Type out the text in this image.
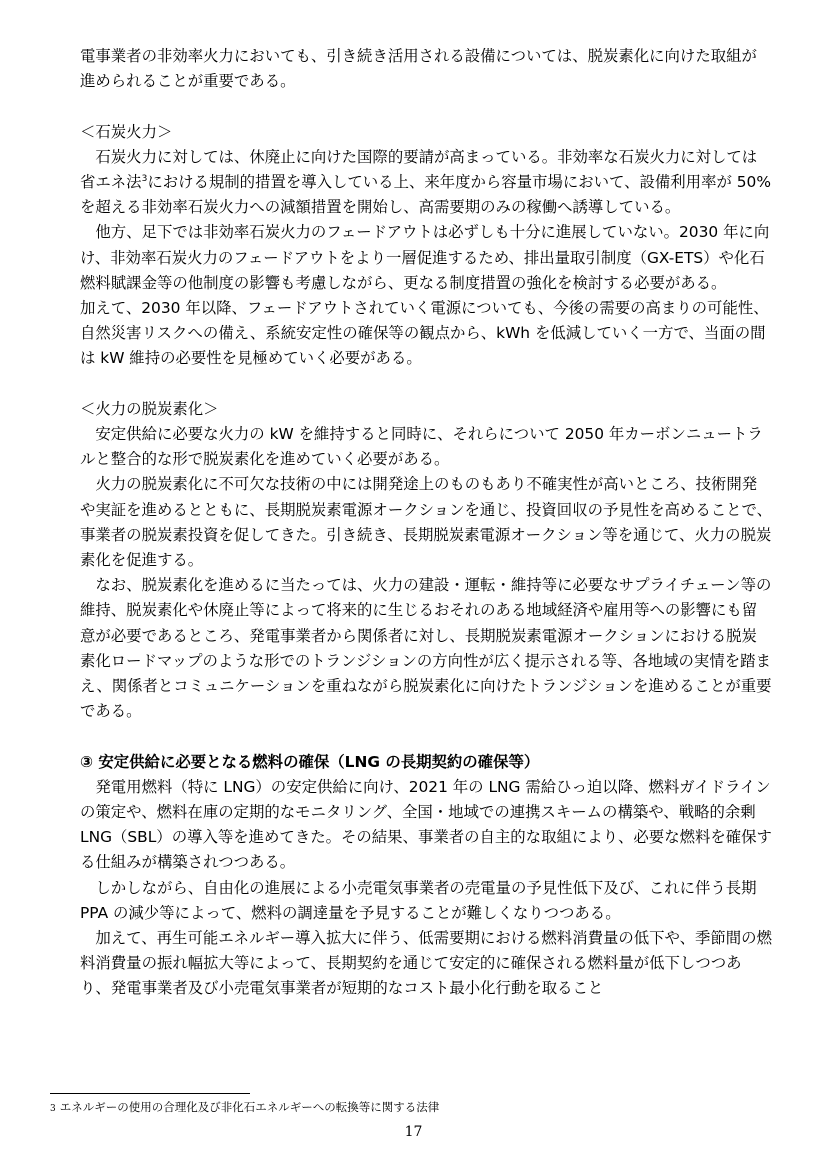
電事業者の非効率火力においても、引き続き活用される設備については、脱炭素化に向けた取組が進められることが重要である。

＜石炭火力＞

石炭火力に対しては、休廃止に向けた国際的要請が高まっている。非効率な石炭火力に対しては省エネ法$^3$における規制的措置を導入している上、来年度から容量市場において、設備利用率が 50%を超える非効率石炭火力への減額措置を開始し、高需要期のみの稼働へ誘導している。

他方、足下では非効率石炭火力のフェードアウトは必ずしも十分に進展していない。2030 年に向け、非効率石炭火力のフェードアウトをより一層促進するため、排出量取引制度（GX-ETS）や化石燃料賦課金等の他制度の影響も考慮しながら、更なる制度措置の強化を検討する必要がある。

加えて、2030 年以降、フェードアウトされていく電源についても、今後の需要の高まりの可能性、自然災害リスクへの備え、系統安定性の確保等の観点から、kWh を低減していく一方で、当面の間は kW 維持の必要性を見極めていく必要がある。

＜火力の脱炭素化＞

安定供給に必要な火力の kW を維持すると同時に、それらについて 2050 年カーボンニュートラルと整合的な形で脱炭素化を進めていく必要がある。

火力の脱炭素化に不可欠な技術の中には開発途上のものもあり不確実性が高いところ、技術開発や実証を進めるとともに、長期脱炭素電源オークションを通じ、投資回収の予見性を高めることで、事業者の脱炭素投資を促してきた。引き続き、長期脱炭素電源オークション等を通じて、火力の脱炭素化を促進する。

なお、脱炭素化を進めるに当たっては、火力の建設・運転・維持等に必要なサプライチェーン等の維持、脱炭素化や休廃止等によって将来的に生じるおそれのある地域経済や雇用等への影響にも留意が必要であるところ、発電事業者から関係者に対し、長期脱炭素電源オークションにおける脱炭素化ロードマップのような形でのトランジションの方向性が広く提示される等、各地域の実情を踏まえ、関係者とコミュニケーションを重ねながら脱炭素化に向けたトランジションを進めることが重要である。

③ 安定供給に必要となる燃料の確保（LNG の長期契約の確保等）

発電用燃料（特に LNG）の安定供給に向け、2021 年の LNG 需給ひっ迫以降、燃料ガイドラインの策定や、燃料在庫の定期的なモニタリング、全国・地域での連携スキームの構築や、戦略的余剰 LNG（SBL）の導入等を進めてきた。その結果、事業者の自主的な取組により、必要な燃料を確保する仕組みが構築されつつある。

しかしながら、自由化の進展による小売電気事業者の売電量の予見性低下及び、これに伴う長期 PPA の減少等によって、燃料の調達量を予見することが難しくなりつつある。

加えて、再生可能エネルギー導入拡大に伴う、低需要期における燃料消費量の低下や、季節間の燃料消費量の振れ幅拡大等によって、長期契約を通じて安定的に確保される燃料量が低下しつつあり、発電事業者及び小売電気事業者が短期的なコスト最小化行動を取ること

3 エネルギーの使用の合理化及び非化石エネルギーへの転換等に関する法律
17
